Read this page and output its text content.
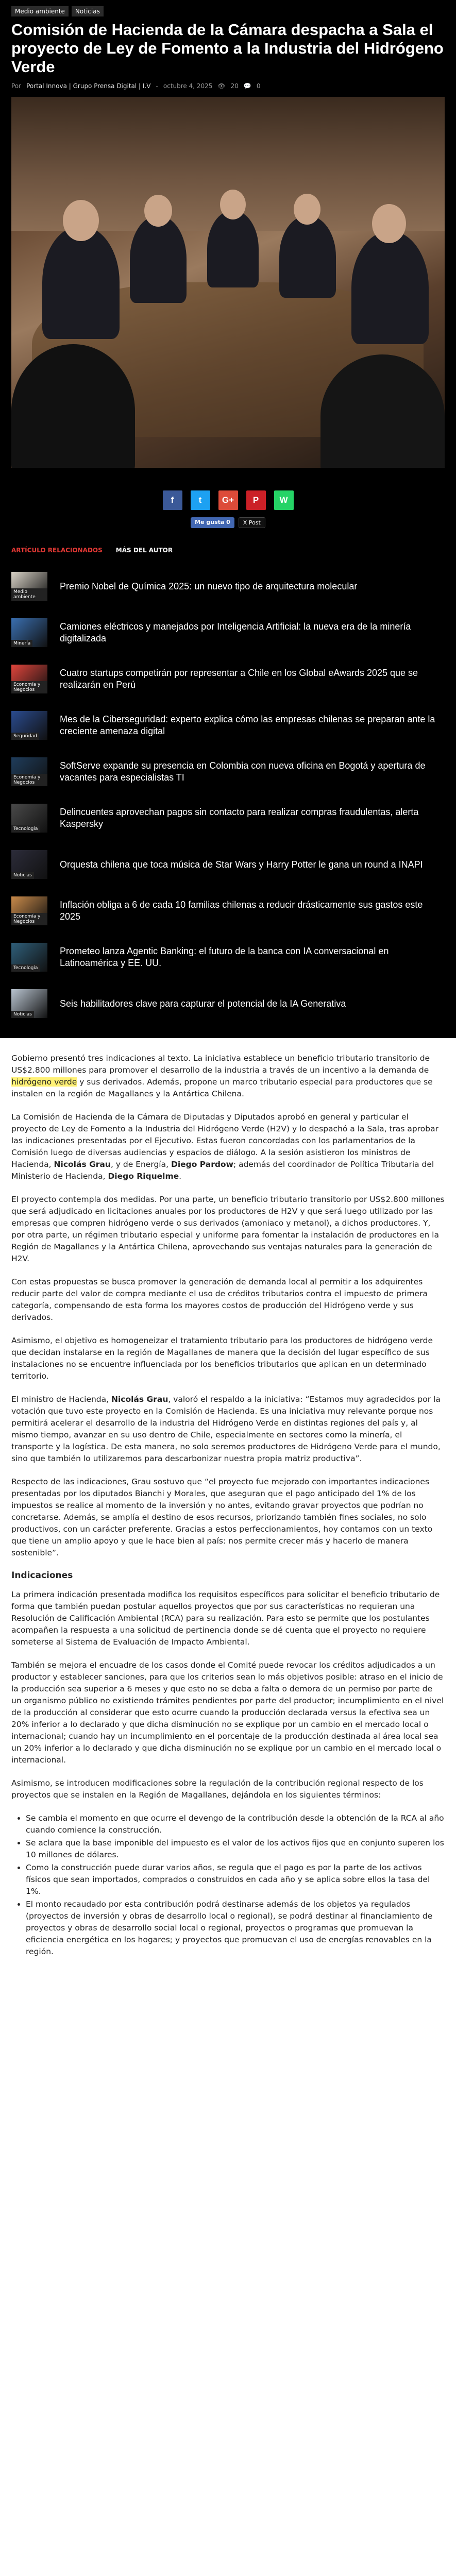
Medio ambiente	Noticias
Comisión de Hacienda de la Cámara despacha a Sala el proyecto de Ley de Fomento a la Industria del Hidrógeno Verde
Por Portal Innova | Grupo Prensa Digital | I.V - octubre 4, 2025 👁 20 💬 0
f	t	G+	P	W
Me gusta 0	X Post
ARTÍCULO RELACIONADOS MÁS DEL AUTOR
Medio ambiente
Premio Nobel de Química 2025: un nuevo tipo de arquitectura molecular
Minería
Camiones eléctricos y manejados por Inteligencia Artificial: la nueva era de la minería digitalizada
Economía y Negocios
Cuatro startups competirán por representar a Chile en los Global eAwards 2025 que se realizarán en Perú
Seguridad
Mes de la Ciberseguridad: experto explica cómo las empresas chilenas se preparan ante la creciente amenaza digital
Economía y Negocios
SoftServe expande su presencia en Colombia con nueva oficina en Bogotá y apertura de vacantes para especialistas TI
Tecnología
Delincuentes aprovechan pagos sin contacto para realizar compras fraudulentas, alerta Kaspersky
Noticias
Orquesta chilena que toca música de Star Wars y Harry Potter le gana un round a INAPI
Economía y Negocios
Inflación obliga a 6 de cada 10 familias chilenas a reducir drásticamente sus gastos este 2025
Tecnología
Prometeo lanza Agentic Banking: el futuro de la banca con IA conversacional en Latinoamérica y EE. UU.
Noticias
Seis habilitadores clave para capturar el potencial de la IA Generativa

Gobierno presentó tres indicaciones al texto. La iniciativa establece un beneficio tributario transitorio de US$2.800 millones para promover el desarrollo de la industria a través de un incentivo a la demanda de hidrógeno verde y sus derivados. Además, propone un marco tributario especial para productores que se instalen en la región de Magallanes y la Antártica Chilena.

La Comisión de Hacienda de la Cámara de Diputadas y Diputados aprobó en general y particular el proyecto de Ley de Fomento a la Industria del Hidrógeno Verde (H2V) y lo despachó a la Sala, tras aprobar las indicaciones presentadas por el Ejecutivo. Estas fueron concordadas con los parlamentarios de la Comisión luego de diversas audiencias y espacios de diálogo. A la sesión asistieron los ministros de Hacienda, Nicolás Grau, y de Energía, Diego Pardow; además del coordinador de Política Tributaria del Ministerio de Hacienda, Diego Riquelme.

El proyecto contempla dos medidas. Por una parte, un beneficio tributario transitorio por US$2.800 millones que será adjudicado en licitaciones anuales por los productores de H2V y que será luego utilizado por las empresas que compren hidrógeno verde o sus derivados (amoniaco y metanol), a dichos productores. Y, por otra parte, un régimen tributario especial y uniforme para fomentar la instalación de productores en la Región de Magallanes y la Antártica Chilena, aprovechando sus ventajas naturales para la generación de H2V.

Con estas propuestas se busca promover la generación de demanda local al permitir a los adquirentes reducir parte del valor de compra mediante el uso de créditos tributarios contra el impuesto de primera categoría, compensando de esta forma los mayores costos de producción del Hidrógeno verde y sus derivados.

Asimismo, el objetivo es homogeneizar el tratamiento tributario para los productores de hidrógeno verde que decidan instalarse en la región de Magallanes de manera que la decisión del lugar específico de sus instalaciones no se encuentre influenciada por los beneficios tributarios que aplican en un determinado territorio.

El ministro de Hacienda, Nicolás Grau, valoró el respaldo a la iniciativa: “Estamos muy agradecidos por la votación que tuvo este proyecto en la Comisión de Hacienda. Es una iniciativa muy relevante porque nos permitirá acelerar el desarrollo de la industria del Hidrógeno Verde en distintas regiones del país y, al mismo tiempo, avanzar en su uso dentro de Chile, especialmente en sectores como la minería, el transporte y la logística. De esta manera, no solo seremos productores de Hidrógeno Verde para el mundo, sino que también lo utilizaremos para descarbonizar nuestra propia matriz productiva”.

Respecto de las indicaciones, Grau sostuvo que “el proyecto fue mejorado con importantes indicaciones presentadas por los diputados Bianchi y Morales, que aseguran que el pago anticipado del 1% de los impuestos se realice al momento de la inversión y no antes, evitando gravar proyectos que podrían no concretarse. Además, se amplía el destino de esos recursos, priorizando también fines sociales, no solo productivos, con un carácter preferente. Gracias a estos perfeccionamientos, hoy contamos con un texto que tiene un amplio apoyo y que le hace bien al país: nos permite crecer más y hacerlo de manera sostenible”.

Indicaciones

La primera indicación presentada modifica los requisitos específicos para solicitar el beneficio tributario de forma que también puedan postular aquellos proyectos que por sus características no requieran una Resolución de Calificación Ambiental (RCA) para su realización. Para esto se permite que los postulantes acompañen la respuesta a una solicitud de pertinencia donde se dé cuenta que el proyecto no requiere someterse al Sistema de Evaluación de Impacto Ambiental.

También se mejora el encuadre de los casos donde el Comité puede revocar los créditos adjudicados a un productor y establecer sanciones, para que los criterios sean lo más objetivos posible: atraso en el inicio de la producción sea superior a 6 meses y que esto no se deba a falta o demora de un permiso por parte de un organismo público no existiendo trámites pendientes por parte del productor; incumplimiento en el nivel de la producción al considerar que esto ocurre cuando la producción declarada versus la efectiva sea un 20% inferior a lo declarado y que dicha disminución no se explique por un cambio en el mercado local o internacional; cuando hay un incumplimiento en el porcentaje de la producción destinada al área local sea un 20% inferior a lo declarado y que dicha disminución no se explique por un cambio en el mercado local o internacional.

Asimismo, se introducen modificaciones sobre la regulación de la contribución regional respecto de los proyectos que se instalen en la Región de Magallanes, dejándola en los siguientes términos:

• Se cambia el momento en que ocurre el devengo de la contribución desde la obtención de la RCA al año cuando comience la construcción.
• Se aclara que la base imponible del impuesto es el valor de los activos fijos que en conjunto superen los 10 millones de dólares.
• Como la construcción puede durar varios años, se regula que el pago es por la parte de los activos físicos que sean importados, comprados o construidos en cada año y se aplica sobre ellos la tasa del 1%.
• El monto recaudado por esta contribución podrá destinarse además de los objetos ya regulados (proyectos de inversión y obras de desarrollo local o regional), se podrá destinar al financiamiento de proyectos y obras de desarrollo social local o regional, proyectos o programas que promuevan la eficiencia energética en los hogares; y proyectos que promuevan el uso de energías renovables en la región.
